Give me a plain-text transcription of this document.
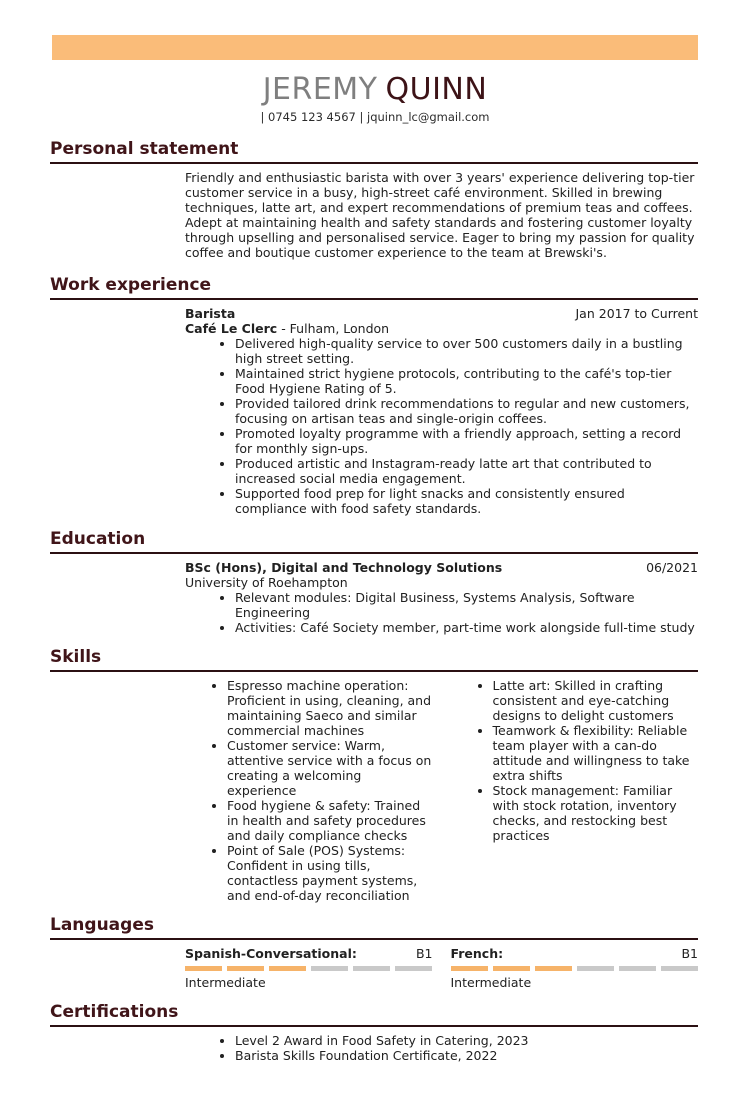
JEREMY QUINN
| 0745 123 4567 | jquinn_lc@gmail.com
Personal statement

Friendly and enthusiastic barista with over 3 years' experience delivering top-tier customer service in a busy, high-street café environment. Skilled in brewing techniques, latte art, and expert recommendations of premium teas and coffees. Adept at maintaining health and safety standards and fostering customer loyalty through upselling and personalised service. Eager to bring my passion for quality coffee and boutique customer experience to the team at Brewski's.

Work experience
Barista	Jan 2017 to Current
Café Le Clerc - Fulham, London
• Delivered high-quality service to over 500 customers daily in a bustling high street setting.
• Maintained strict hygiene protocols, contributing to the café's top-tier Food Hygiene Rating of 5.
• Provided tailored drink recommendations to regular and new customers, focusing on artisan teas and single-origin coffees.
• Promoted loyalty programme with a friendly approach, setting a record for monthly sign-ups.
• Produced artistic and Instagram-ready latte art that contributed to increased social media engagement.
• Supported food prep for light snacks and consistently ensured compliance with food safety standards.
Education
BSc (Hons), Digital and Technology Solutions	06/2021
University of Roehampton
• Relevant modules: Digital Business, Systems Analysis, Software Engineering
• Activities: Café Society member, part-time work alongside full-time study
Skills
• Espresso machine operation: Proficient in using, cleaning, and maintaining Saeco and similar commercial machines
• Customer service: Warm, attentive service with a focus on creating a welcoming experience
• Food hygiene & safety: Trained in health and safety procedures and daily compliance checks
• Point of Sale (POS) Systems: Confident in using tills, contactless payment systems, and end-of-day reconciliation
• Latte art: Skilled in crafting consistent and eye-catching designs to delight customers
• Teamwork & flexibility: Reliable team player with a can-do attitude and willingness to take extra shifts
• Stock management: Familiar with stock rotation, inventory checks, and restocking best practices
Languages
Spanish-Conversational:	B1
Intermediate
French:	B1
Intermediate
Certifications
• Level 2 Award in Food Safety in Catering, 2023
• Barista Skills Foundation Certificate, 2022
